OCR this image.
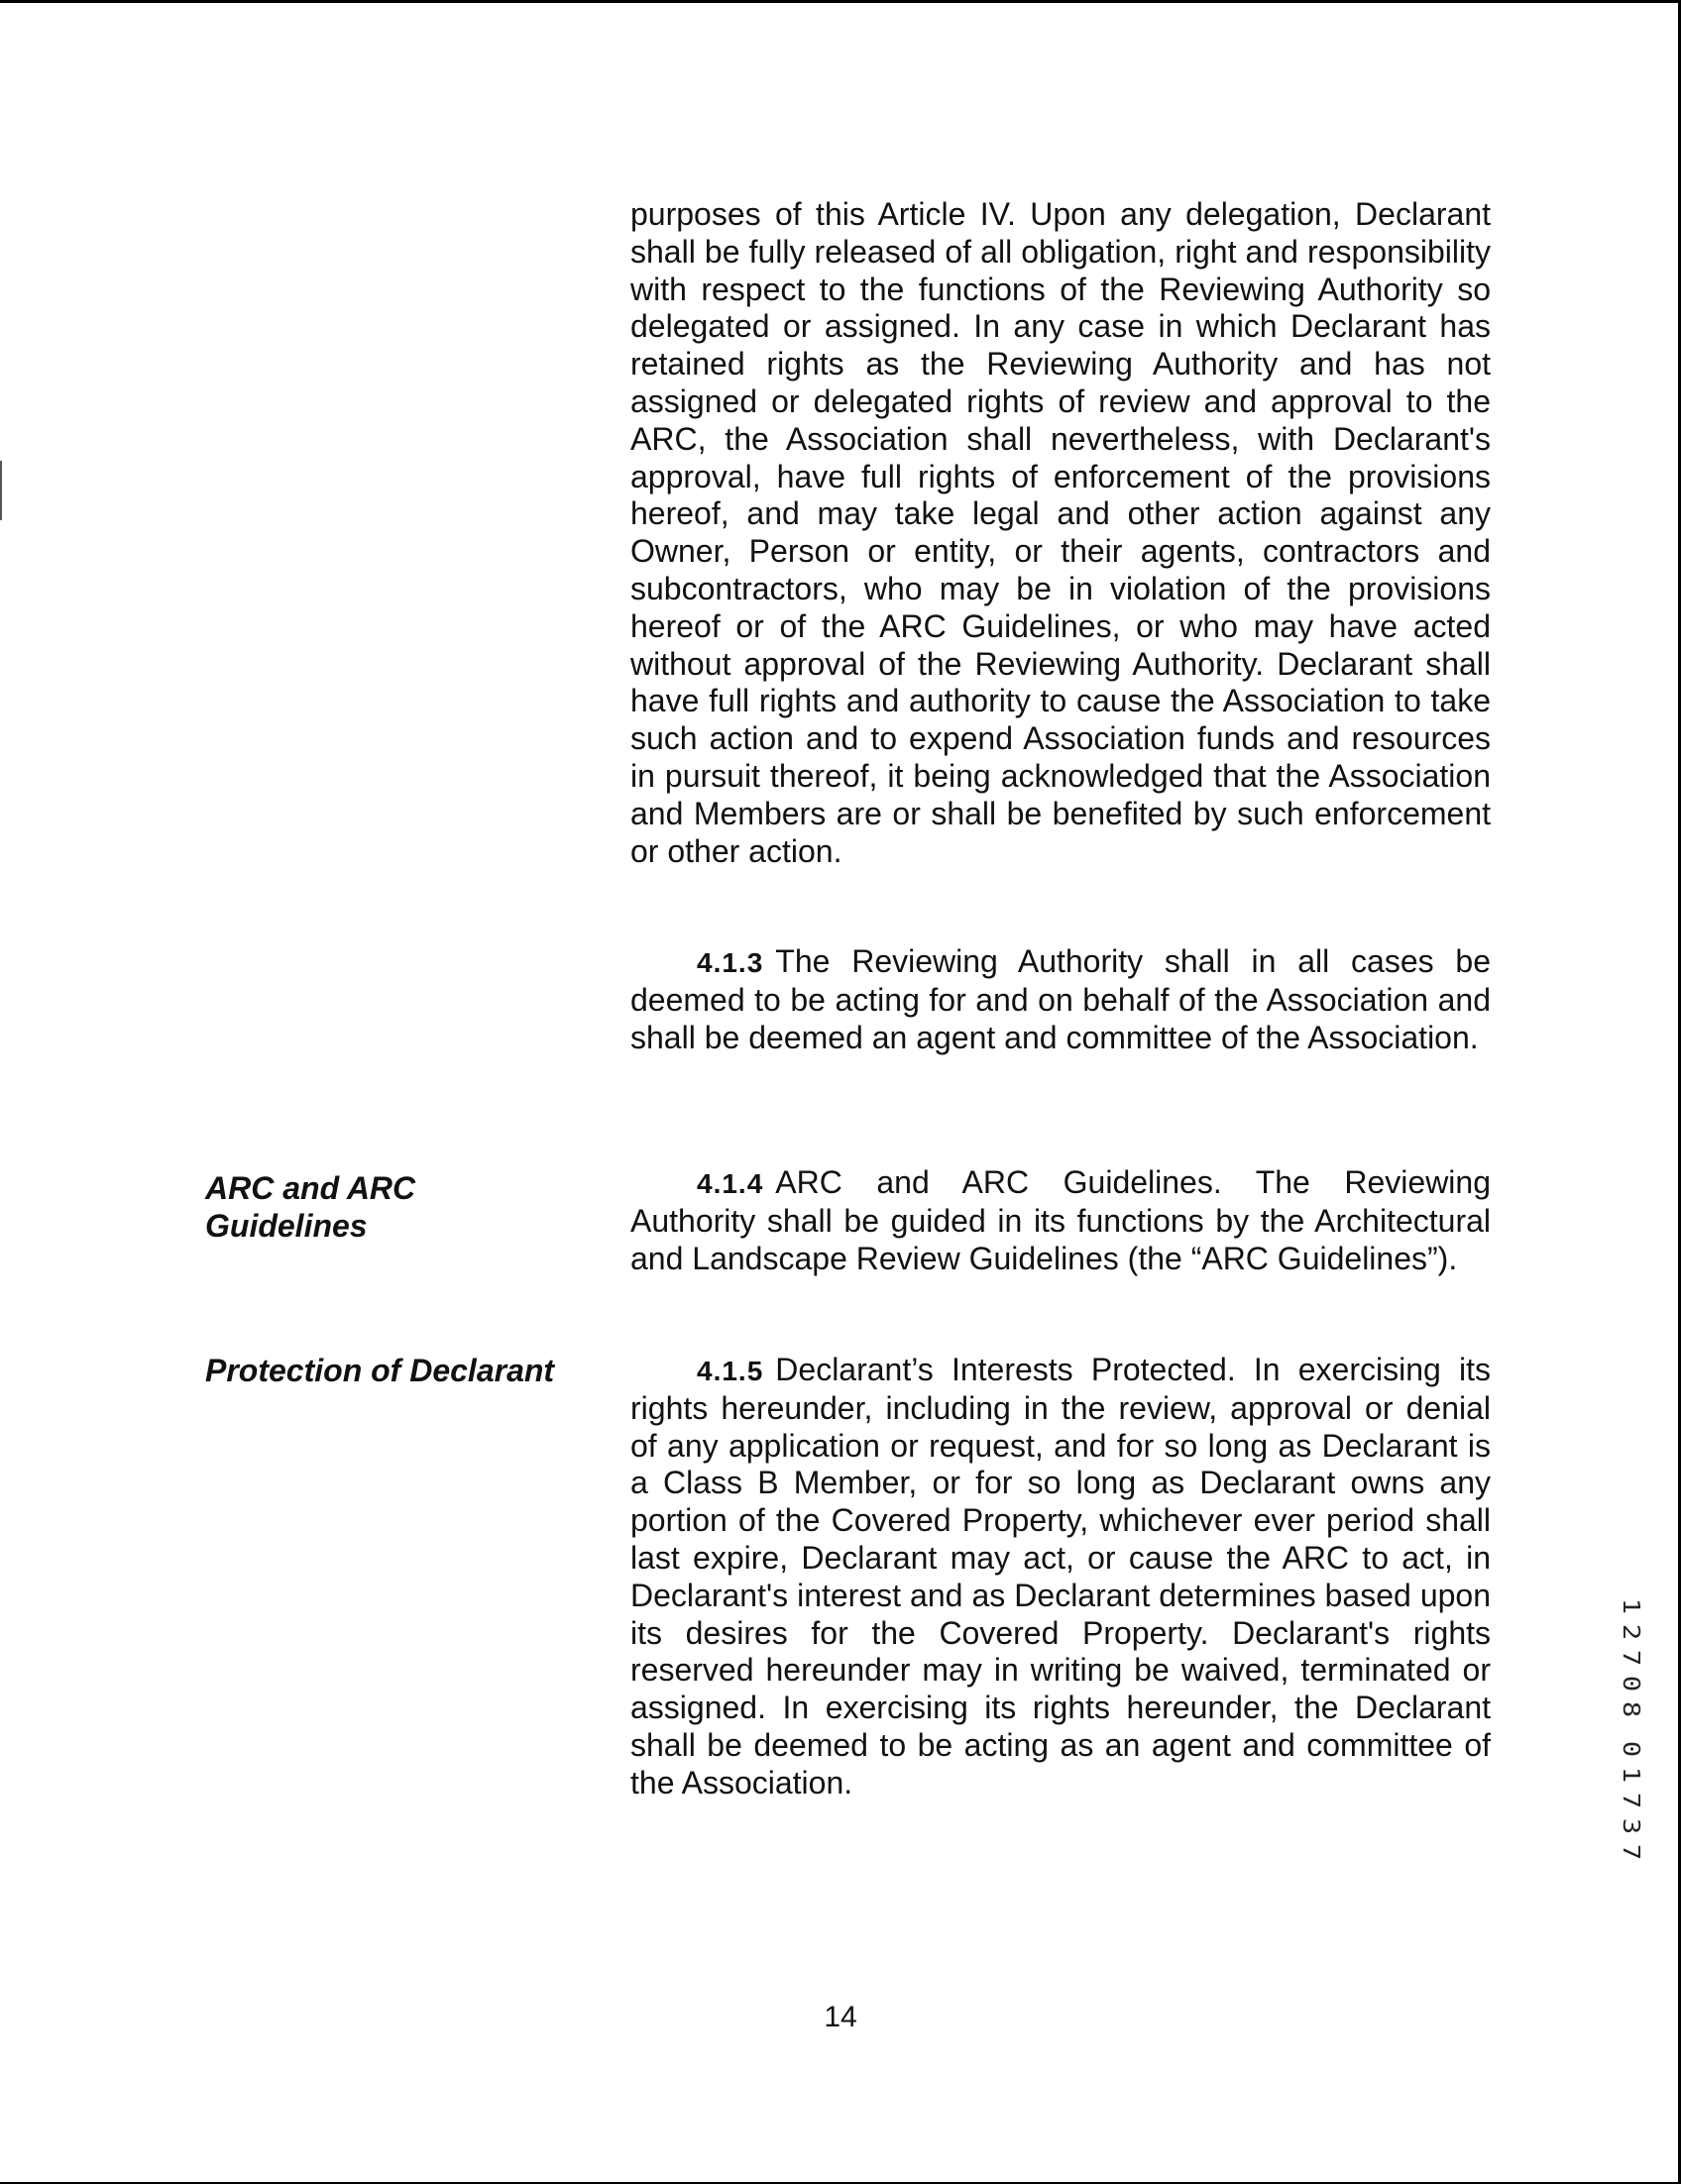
purposes of this Article IV. Upon any delegation, Declarant shall be fully released of all obligation, right and responsibility with respect to the functions of the Reviewing Authority so delegated or assigned. In any case in which Declarant has retained rights as the Reviewing Authority and has not assigned or delegated rights of review and approval to the ARC, the Association shall nevertheless, with Declarant's approval, have full rights of enforcement of the provisions hereof, and may take legal and other action against any Owner, Person or entity, or their agents, contractors and subcontractors, who may be in violation of the provisions hereof or of the ARC Guidelines, or who may have acted without approval of the Reviewing Authority. Declarant shall have full rights and authority to cause the Association to take such action and to expend Association funds and resources in pursuit thereof, it being acknowledged that the Association and Members are or shall be benefited by such enforcement or other action.

4.1.3 The Reviewing Authority shall in all cases be deemed to be acting for and on behalf of the Association and shall be deemed an agent and committee of the Association.

ARC and ARC Guidelines

4.1.4 ARC and ARC Guidelines. The Reviewing Authority shall be guided in its functions by the Architectural and Landscape Review Guidelines (the “ARC Guidelines”).

Protection of Declarant	4.1.5 Declarant’s Interests Protected. In exercising its rights hereunder, including in the review, approval or denial of any application or request, and for so long as Declarant is a Class B Member, or for so long as Declarant owns any portion of the Covered Property, whichever ever period shall last expire, Declarant may act, or cause the ARC to act, in Declarant's interest and as Declarant determines based upon its desires for the Covered Property. Declarant's rights reserved hereunder may in writing be waived, terminated or assigned. In exercising its rights hereunder, the Declarant shall be deemed to be acting as an agent and committee of the Association.

14
1
2
7
0
8
0
1
7
3
7
